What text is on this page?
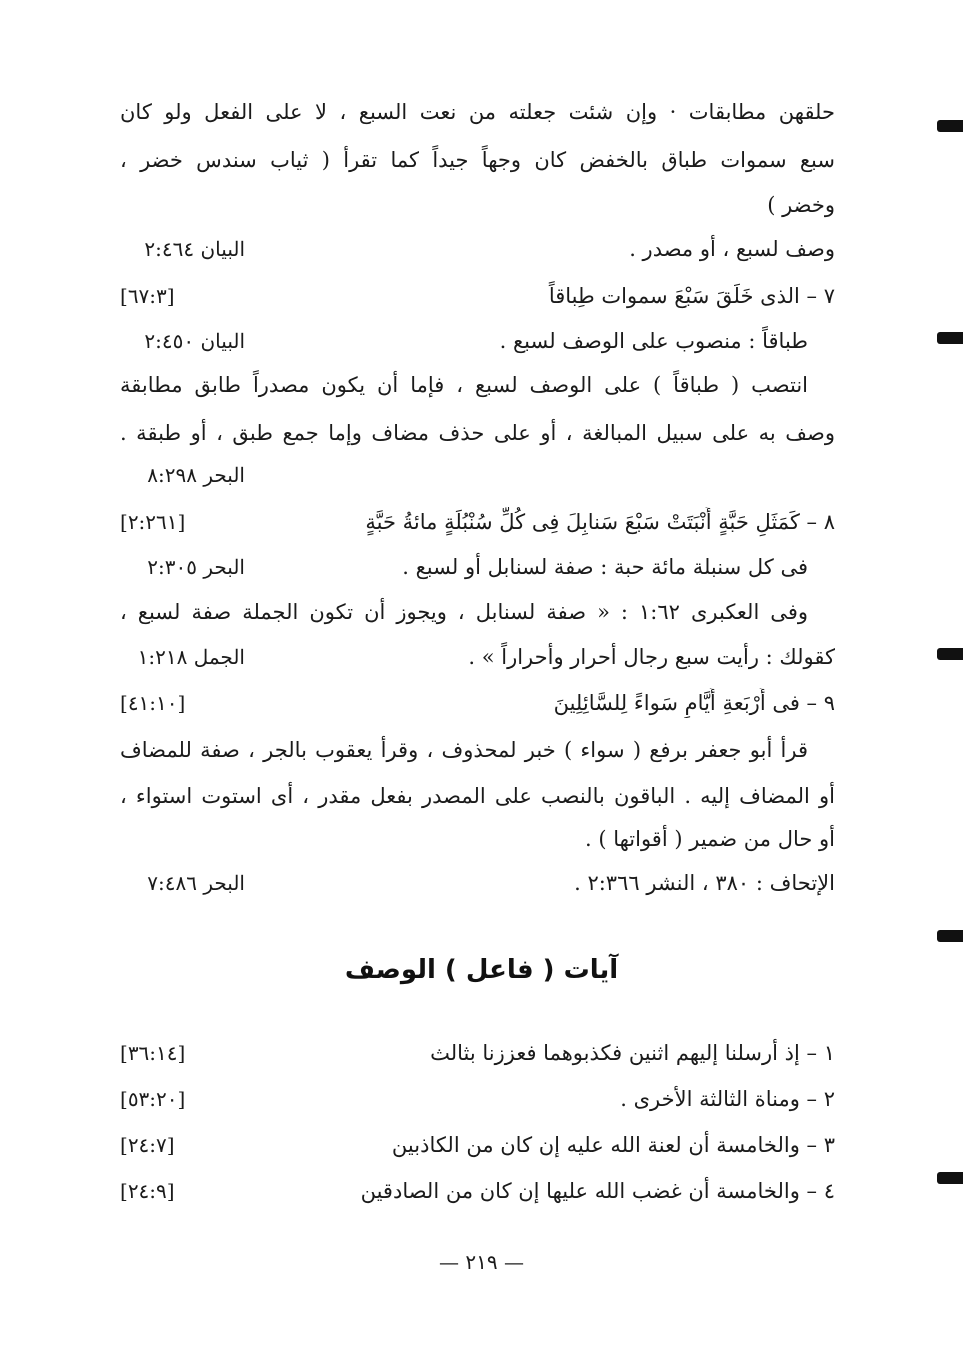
حلقهن مطابقات · وإن شئت جعلته من نعت السبع ، لا على الفعل ولو كان
سبع سموات طباق بالخفض كان وجهاً جيداً كما تقرأ ( ثياب سندس خضر ،
وخضر )
وصف لسبع ، أو مصدر .
البيان ٢:٤٦٤
٧ – الذى خَلَقَ سَبْعَ سموات طِباقاً
[٦٧:٣]
طباقاً : منصوب على الوصف لسبع .
البيان ٢:٤٥٠
انتصب ( طباقاً ) على الوصف لسبع ، فإما أن يكون مصدراً طابق مطابقة
وصف به على سبيل المبالغة ، أو على حذف مضاف وإما جمع طبق ، أو طبقة .
البحر ٨:٢٩٨
٨ – كَمَثَلِ حَبَّةٍ أَنْبَتَتْ سَبْعَ سَنابِلَ فِى كُلِّ سُنْبُلَةٍ مائةُ حَبَّةٍ
[٢:٢٦١]
فى كل سنبلة مائة حبة : صفة لسنابل أو لسبع .
البحر ٢:٣٠٥
وفى العكبرى ١:٦٢ : « صفة لسنابل ، ويجوز أن تكون الجملة صفة لسبع ،
كقولك : رأيت سبع رجال أحرار وأحراراً » .
الجمل ١:٢١٨
٩ – فى أَرْبَعةِ أَيَّامٍ سَواءً لِلسَّائِلِينَ
[٤١:١٠]
قرأ أبو جعفر برفع ( سواء ) خبر لمحذوف ، وقرأ يعقوب بالجر ، صفة للمضاف
أو المضاف إليه . الباقون بالنصب على المصدر بفعل مقدر ، أى استوت استواء ،
أو حال من ضمير ( أقواتها ) .
الإتحاف : ٣٨٠ ، النشر ٢:٣٦٦ .
البحر ٧:٤٨٦
آيات ( فاعل ) الوصف
١ – إذ أرسلنا إليهم اثنين فكذبوهما فعززنا بثالث
[٣٦:١٤]
٢ – ومناة الثالثة الأخرى .
[٥٣:٢٠]
٣ – والخامسة أن لعنة الله عليه إن كان من الكاذبين
[٢٤:٧]
٤ – والخامسة أن غضب الله عليها إن كان من الصادقين
[٢٤:٩]
— ٢١٩ —
